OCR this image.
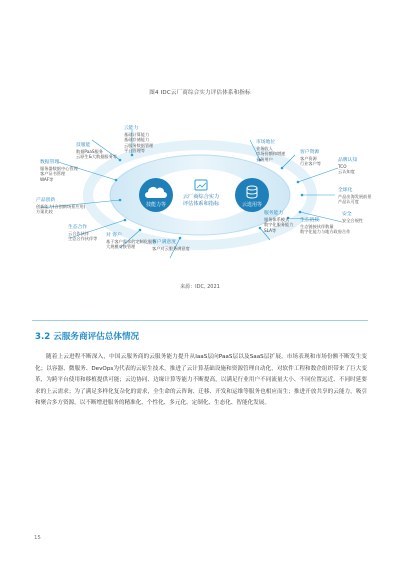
图4 IDC云厂商综合实力评估体系和指标
云厂商综合实力
评估体系和指标
技能力等	云选用等
云能力
基础计算能力
基础存储能力
云服务数据管理
平台管理等
技服能
数据PaaS服务
云原生&大数据服务等
数据管理
服务器数据中心管理
客户证书管理
WAF等
产品创新
创新能力(含创新场景应用)
方案比较
生态合作
云合作伙伴
生态合作伙伴等
对 客户
基于客户需求的定制化服务
大规模对接管理
客户满意度
客户对云服务满意度
市场地位
业务收入
市场份额和增速
业务用户
客户资源
客户资源
行业客户等
品牌认知
TCO
云认知度
服务能力
服务体系模式
数字化服务能力
SLA等
生态链接
生态链接伙伴数量
数字化能力与地方政府合作
安全
安全合规性
全球化
产品出海发展前景
产品认可度
来源：IDC, 2021
3.2 云服务商评估总体情况
随着上云进程不断深入，中国云服务商的云服务能力提升从IaaS层向PaaS层以及SaaS层扩展，市场表现和市场份额不断发生变化；以容器、微服务、DevOps为代表的云原生技术，推进了云计算基础设施和资源管理自动化，对软件工程和数企组织带来了巨大变革，为跨平台使用和移植提供可能；云边协同、边缘计算等能力不断提高，以满足行业用户不同流量大小、不同位置远近、不同时延要求的上云需求；为了满足多样化复杂化的需求，全生命的云咨询、迁移、开发和运维等服务也相应而生；推进开放共享的云能力，吸引和聚合多方资源，以不断增进服务的精准化、个性化、多元化、定制化、生态化、智能化发展。
15
